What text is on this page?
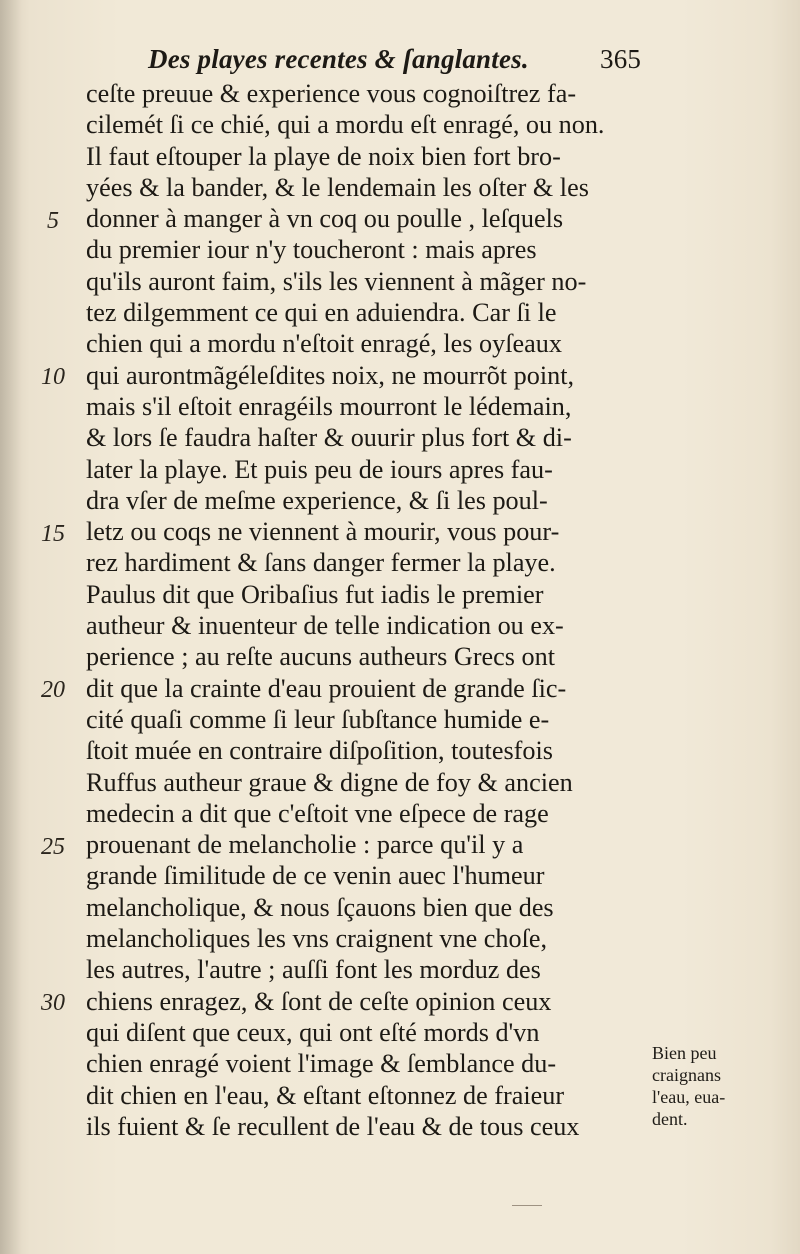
Des playes recentes & ſanglantes.	365
5
10
15
20
25
30
ceſte preuue & experience vous cognoiſtrez fa-
cilemét ſi ce chié, qui a mordu eſt enragé, ou non.
Il faut eſtouper la playe de noix bien fort bro-
yées & la bander, & le lendemain les oſter & les
donner à manger à vn coq ou poulle , leſquels
du premier iour n'y toucheront : mais apres
qu'ils auront faim, s'ils les viennent à mãger no-
tez dilgemment ce qui en aduiendra. Car ſi le
chien qui a mordu n'eſtoit enragé, les oyſeaux
qui aurontmãgéleſdites noix, ne mourrõt point,
mais s'il eſtoit enragéils mourront le lédemain,
& lors ſe faudra haſter & ouurir plus fort & di-
later la playe. Et puis peu de iours apres fau-
dra vſer de meſme experience, & ſi les poul-
letz ou coqs ne viennent à mourir, vous pour-
rez hardiment & ſans danger fermer la playe.
Paulus dit que Oribaſius fut iadis le premier
autheur & inuenteur de telle indication ou ex-
perience ; au reſte aucuns autheurs Grecs ont
dit que la crainte d'eau prouient de grande ſic-
cité quaſi comme ſi leur ſubſtance humide e-
ſtoit muée en contraire diſpoſition, toutesfois
Ruffus autheur graue & digne de foy & ancien
medecin a dit que c'eſtoit vne eſpece de rage
prouenant de melancholie : parce qu'il y a
grande ſimilitude de ce venin auec l'humeur
melancholique, & nous ſçauons bien que des
melancholiques les vns craignent vne choſe,
les autres, l'autre ; auſſi font les morduz des
chiens enragez, & ſont de ceſte opinion ceux
qui diſent que ceux, qui ont eſté mords d'vn
chien enragé voient l'image & ſemblance du-
dit chien en l'eau, & eſtant eſtonnez de fraieur
ils fuient & ſe recullent de l'eau & de tous ceux
Bien peu
craignans
l'eau, eua-
dent.
